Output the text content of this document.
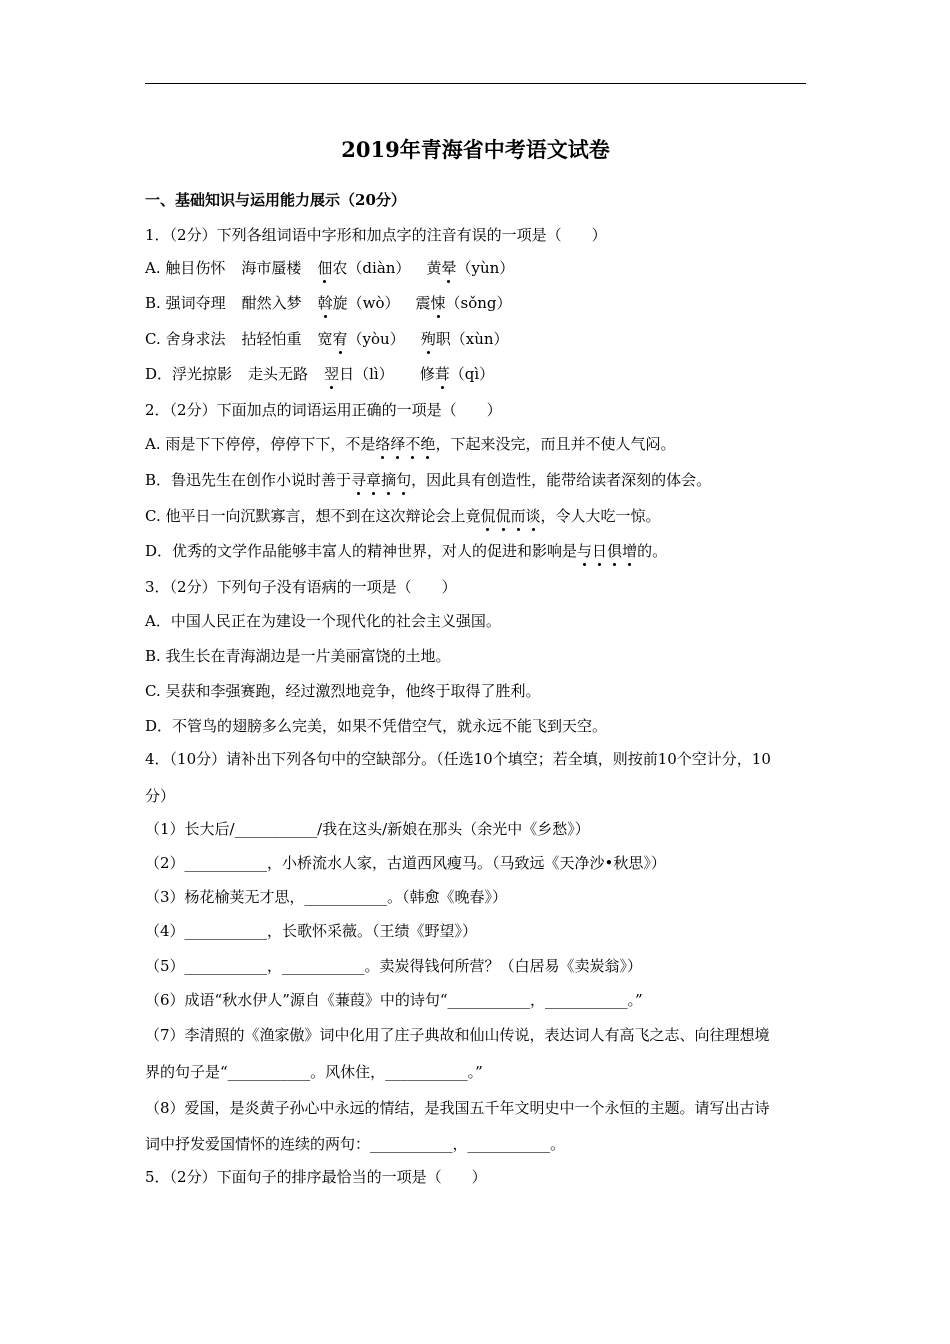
2019年青海省中考语文试卷
一、基础知识与运用能力展示（20分）
1．（2分）下列各组词语中字形和加点字的注音有误的一项是（　　）
A. 触目伤怀 海市蜃楼 佃农（diàn） 黄晕（yùn）
B. 强词夺理 酣然入梦 斡旋（wò） 震悚（sǒng）
C. 舍身求法 拈轻怕重 宽宥（yòu） 殉职（xùn）
D．浮光掠影 走头无路 翌日（lì） 修葺（qì）
2．（2分）下面加点的词语运用正确的一项是（　　）
A. 雨是下下停停，停停下下，不是络绎不绝，下起来没完，而且并不使人气闷。
B．鲁迅先生在创作小说时善于寻章摘句，因此具有创造性，能带给读者深刻的体会。
C. 他平日一向沉默寡言，想不到在这次辩论会上竟侃侃而谈，令人大吃一惊。
D．优秀的文学作品能够丰富人的精神世界，对人的促进和影响是与日俱增的。
3．（2分）下列句子没有语病的一项是（　　）
A．中国人民正在为建设一个现代化的社会主义强国。
B. 我生长在青海湖边是一片美丽富饶的土地。
C. 吴获和李强赛跑，经过激烈地竞争，他终于取得了胜利。
D．不管鸟的翅膀多么完美，如果不凭借空气，就永远不能飞到天空。
4．（10分）请补出下列各句中的空缺部分。（任选10个填空；若全填，则按前10个空计分，10
分）
（1）长大后/___________/我在这头/新娘在那头（余光中《乡愁》）
（2）___________，小桥流水人家，古道西风瘦马。（马致远《天净沙•秋思》）
（3）杨花榆荚无才思，___________。（韩愈《晚春》）
（4）___________，长歌怀采薇。（王绩《野望》）
（5）___________，___________。卖炭得钱何所营？（白居易《卖炭翁》）
（6）成语“秋水伊人”源自《蒹葭》中的诗句“___________，___________。”
（7）李清照的《渔家傲》词中化用了庄子典故和仙山传说，表达词人有高飞之志、向往理想境
界的句子是“___________。风休住，___________。”
（8）爱国，是炎黄子孙心中永远的情结，是我国五千年文明史中一个永恒的主题。请写出古诗
词中抒发爱国情怀的连续的两句：___________，___________。
5．（2分）下面句子的排序最恰当的一项是（　　）
